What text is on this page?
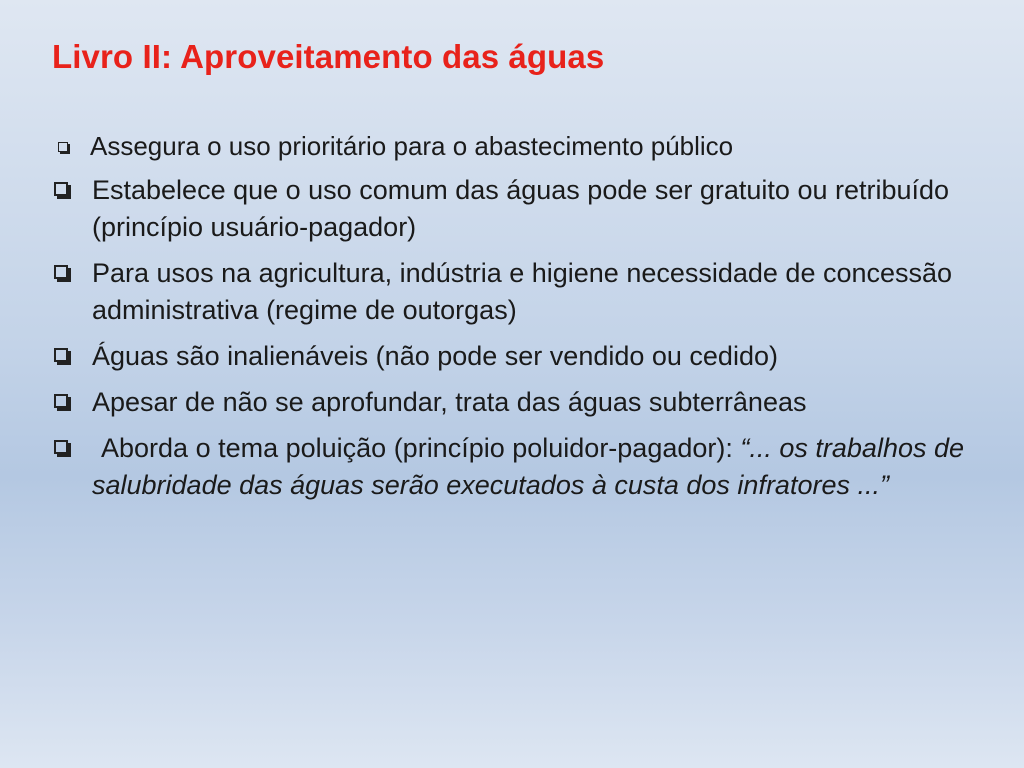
Livro II: Aproveitamento das águas
Assegura o uso prioritário para o abastecimento público
Estabelece que o uso comum das águas pode ser gratuito ou retribuído (princípio usuário-pagador)
Para usos na agricultura, indústria e higiene necessidade de concessão administrativa (regime de outorgas)
Águas são inalienáveis (não pode ser vendido ou cedido)
Apesar de não se aprofundar, trata das águas subterrâneas
Aborda o tema poluição (princípio poluidor-pagador): “... os trabalhos de salubridade das águas serão executados à custa dos infratores ...”
